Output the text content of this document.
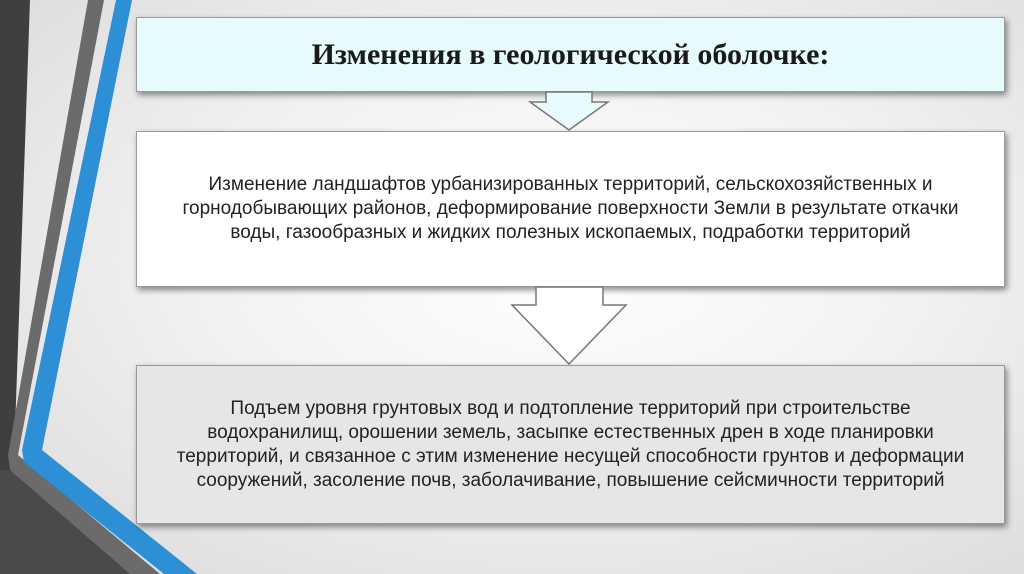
Изменения в геологической оболочке:
Изменение ландшафтов урбанизированных территорий, сельскохозяйственных и горнодобывающих районов, деформирование поверхности Земли в результате откачки воды, газообразных и жидких полезных ископаемых, подработки территорий
Подъем уровня грунтовых вод и подтопление территорий при строительстве водохранилищ, орошении земель, засыпке естественных дрен в ходе планировки территорий, и связанное с этим изменение несущей способности грунтов и деформации сооружений, засоление почв, заболачивание, повышение сейсмичности территорий
